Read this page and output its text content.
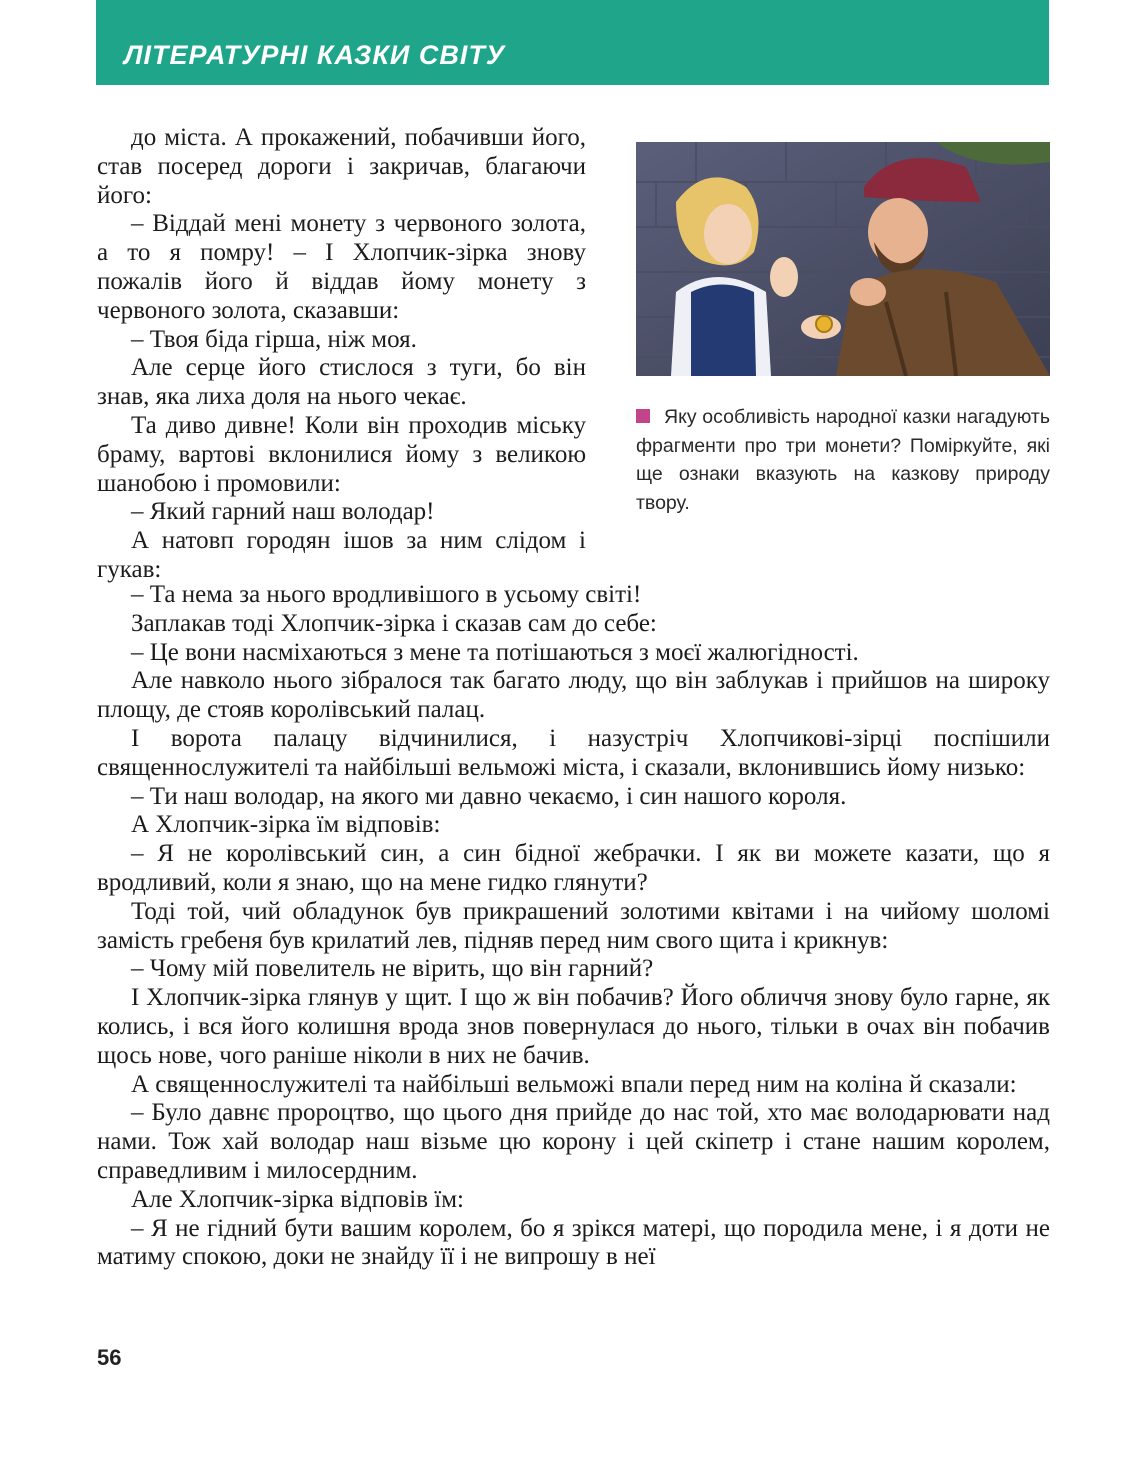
ЛІТЕРАТУРНІ КАЗКИ СВІТУ

до міста. А прокажений, побачивши його, став посеред дороги і закричав, благаючи його:

– Віддай мені монету з червоного золота, а то я помру! – І Хлопчик-зірка знову пожалів його й віддав йому монету з червоного золота, сказавши:

– Твоя біда гірша, ніж моя.

Але серце його стислося з туги, бо він знав, яка лиха доля на нього чекає.

Та диво дивне! Коли він проходив міську браму, вартові вклонилися йому з великою шанобою і промовили:

– Який гарний наш володар!

А натовп городян ішов за ним слідом і гукав:

Яку особливість народної казки нагадують фрагменти про три монети? Поміркуйте, які ще ознаки вказують на казкову природу твору.

– Та нема за нього вродливішого в усьому світі!

Заплакав тоді Хлопчик-зірка і сказав сам до себе:

– Це вони насміхаються з мене та потішаються з моєї жалюгідності.

Але навколо нього зібралося так багато люду, що він заблукав і прийшов на широку площу, де стояв королівський палац.

І ворота палацу відчинилися, і назустріч Хлопчикові-зірці поспішили священнослужителі та найбільші вельможі міста, і сказали, вклонившись йому низько:

– Ти наш володар, на якого ми давно чекаємо, і син нашого короля.

А Хлопчик-зірка їм відповів:

– Я не королівський син, а син бідної жебрачки. І як ви можете казати, що я вродливий, коли я знаю, що на мене гидко глянути?

Тоді той, чий обладунок був прикрашений золотими квітами і на чийому шоломі замість гребеня був крилатий лев, підняв перед ним свого щита і крикнув:

– Чому мій повелитель не вірить, що він гарний?

І Хлопчик-зірка глянув у щит. І що ж він побачив? Його обличчя знову було гарне, як колись, і вся його колишня врода знов повернулася до нього, тільки в очах він побачив щось нове, чого раніше ніколи в них не бачив.

А священнослужителі та найбільші вельможі впали перед ним на коліна й сказали:

– Було давнє пророцтво, що цього дня прийде до нас той, хто має володарювати над нами. Тож хай володар наш візьме цю корону і цей скіпетр і стане нашим королем, справедливим і милосердним.

Але Хлопчик-зірка відповів їм:

– Я не гідний бути вашим королем, бо я зрікся матері, що породила мене, і я доти не матиму спокою, доки не знайду її і не випрошу в неї

56
